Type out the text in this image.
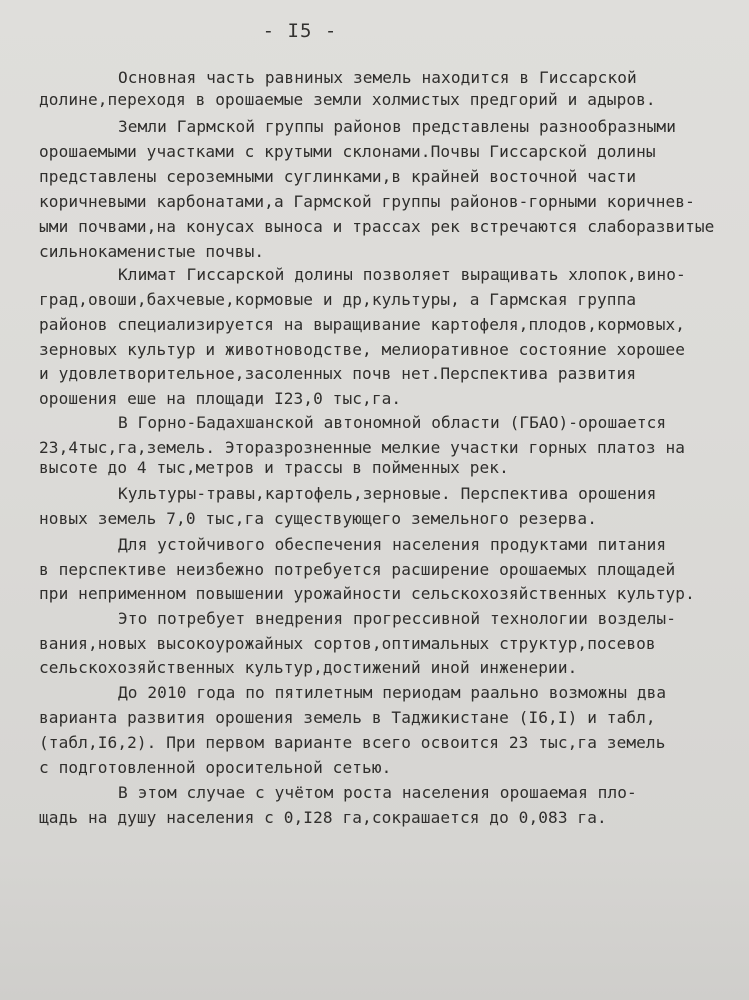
- I5 -
Основная часть равниных земель находится в Гиссарской
долине,переходя в орошаемые земли холмистых предгорий и адыров.
Земли Гармской группы районов представлены разнообразными
орошаемыми участками с крутыми склонами.Почвы Гиссарской долины
представлены сероземными суглинками,в крайней восточной части
коричневыми карбонатами,а Гармской группы районов-горными коричнев-
ыми почвами,на конусах выноса и трассах рек встречаются слаборазвитые
сильнокаменистые почвы.
Климат Гиссарской долины позволяет выращивать хлопок,вино-
град,овоши,бахчевые,кормовые и др,культуры, а Гармская группа
районов специализируется на выращивание картофеля,плодов,кормовых,
зерновых культур и животноводстве, мелиоративное состояние хорошее
и удовлетворительное,засоленных почв нет.Перспектива развития
орошения еше на площади I23,0 тыс,га.
В Горно-Бадахшанской автономной области (ГБАО)-орошается
23,4тыс,га,земель. Эторазрозненные мелкие участки горных платоз на
высоте до 4 тыс,метров и трассы в пойменных рек.
Культуры-травы,картофель,зерновые. Перспектива орошения
новых земель 7,0 тыс,га существующего земельного резерва.
Для устойчивого обеспечения населения продуктами питания
в перспективе неизбежно потребуется расширение орошаемых площадей
при неприменном повышении урожайности сельскохозяйственных культур.
Это потребует внедрения прогрессивной технологии возделы-
вания,новых высокоурожайных сортов,оптимальных структур,посевов
сельскохозяйственных культур,достижений иной инженерии.
До 2010 года по пятилетным периодам раально возможны два
варианта развития орошения земель в Таджикистане (I6,I) и табл,
(табл,I6,2). При первом варианте всего освоится 23 тыс,га земель
с подготовленной оросительной сетью.
В этом случае с учётом роста населения орошаемая пло-
щадь на душу населения с 0,I28 га,сокрашается до 0,083 га.
